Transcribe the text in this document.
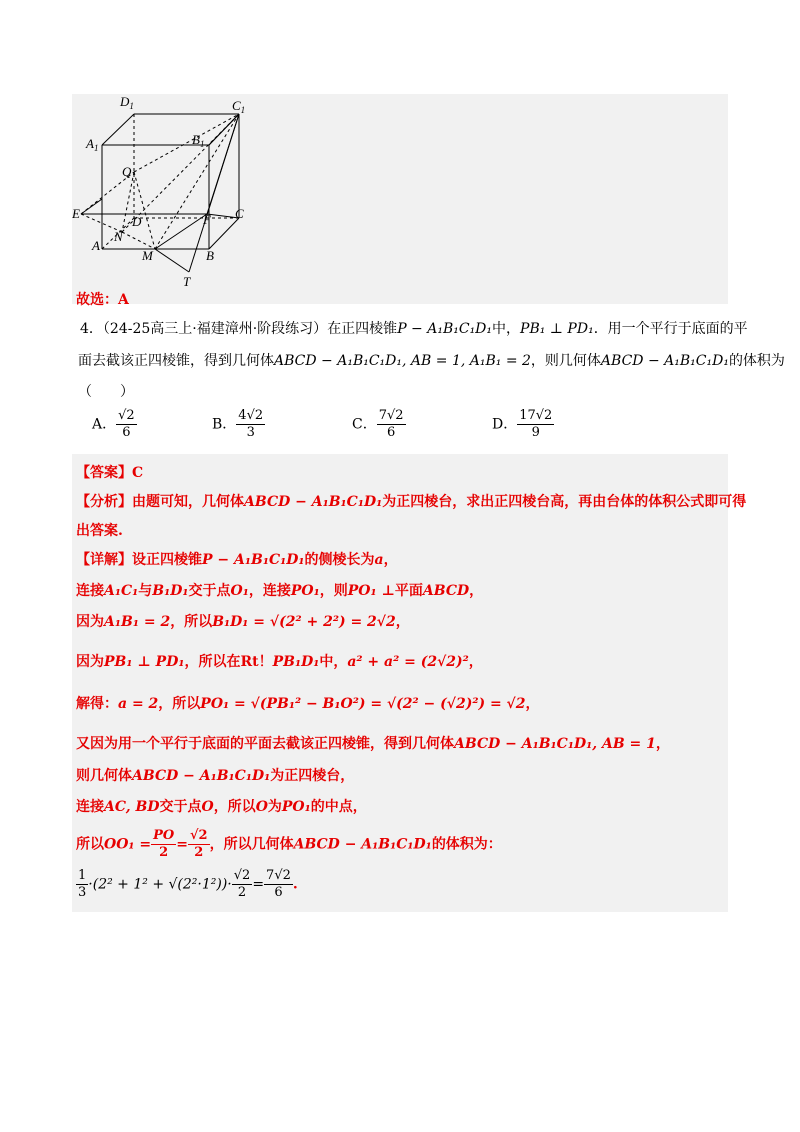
$D_1$	$C_1$
$A_1$
$B_1$
Q
E
D	F C
A
N
M	B
T
故选：A
4．（24-25高三上·福建漳州·阶段练习）在正四棱锥P − A₁B₁C₁D₁中，PB₁ ⊥ PD₁．用一个平行于底面的平
面去截该正四棱锥，得到几何体ABCD − A₁B₁C₁D₁, AB = 1, A₁B₁ = 2，则几何体ABCD − A₁B₁C₁D₁的体积为
（　　）
A． $\frac{√2}{6}$	B． $\frac{4√2}{3}$	C． $\frac{7√2}{6}$	D． $\frac{17√2}{9}$
【答案】C
【分析】由题可知，几何体ABCD − A₁B₁C₁D₁为正四棱台，求出正四棱台高，再由台体的体积公式即可得
出答案.
【详解】设正四棱锥P − A₁B₁C₁D₁的侧棱长为a，
连接A₁C₁与B₁D₁交于点O₁，连接PO₁，则PO₁ ⊥平面ABCD，
因为A₁B₁ = 2，所以B₁D₁ = √(2² + 2²) = 2√2，
因为PB₁ ⊥ PD₁，所以在Rt！PB₁D₁中，a² + a² = (2√2)²，
解得：a = 2，所以PO₁ = √(PB₁² − B₁O²) = √(2² − (√2)²) = √2，
又因为用一个平行于底面的平面去截该正四棱锥，得到几何体ABCD − A₁B₁C₁D₁, AB = 1，
则几何体ABCD − A₁B₁C₁D₁为正四棱台，
连接AC, BD交于点O，所以O为PO₁的中点，
所以$OO_1 = \frac{PO}{2} = \frac{√2}{2}$ ，所以几何体ABCD − A₁B₁C₁D₁的体积为：
$\frac{1}{3} \cdot(2^2 + 1^2 + √(2^2\cdot 1^2))\cdot \frac{√2}{2} = \frac{7√2}{6}$ .
